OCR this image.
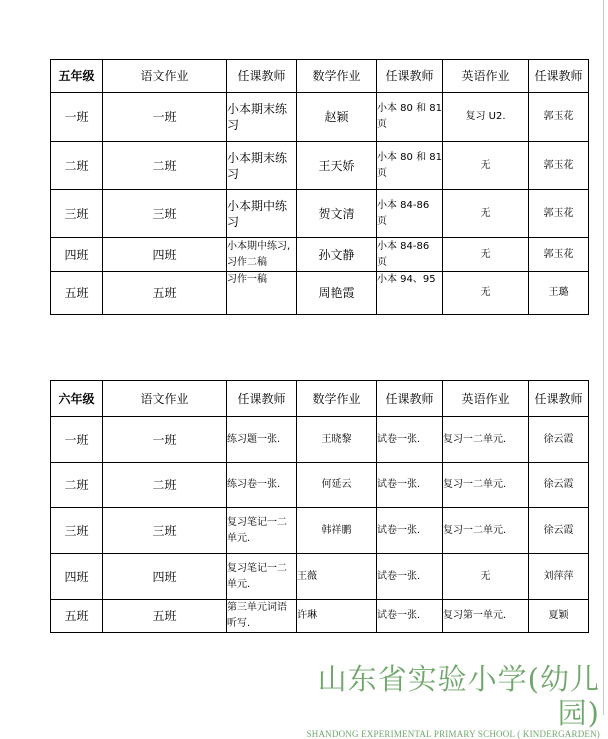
五年级	语文作业	任课教师	数学作业	任课教师	英语作业	任课教师
一班	一班	小本期末练习	赵颖	小本 80 和 81 页	复习 U2.	郭玉花
二班	二班	小本期末练习	王天娇	小本 80 和 81 页	无	郭玉花
三班	三班	小本期中练习	贺文清	小本 84-86 页	无	郭玉花
四班	四班	小本期中练习,习作二稿	孙文静	小本 84-86 页	无	郭玉花
五班	五班	习作一稿	周艳霞	小本 94、95	无	王璐
六年级	语文作业	任课教师	数学作业	任课教师	英语作业	任课教师
一班	一班	练习题一张.	王晓黎	试卷一张.	复习一二单元.	徐云霞
二班	二班	练习卷一张.	何延云	试卷一张.	复习一二单元.	徐云霞
三班	三班	复习笔记一二单元.	韩祥鹏	试卷一张.	复习一二单元.	徐云霞
四班	四班	复习笔记一二单元.	王薇	试卷一张.	无	刘萍萍
五班	五班	第三单元词语听写.	许琳	试卷一张.	复习第一单元.	夏颖
山东省实验小学(幼儿园)
SHANDONG EXPERIMENTAL PRIMARY SCHOOL ( KINDERGARDEN)
